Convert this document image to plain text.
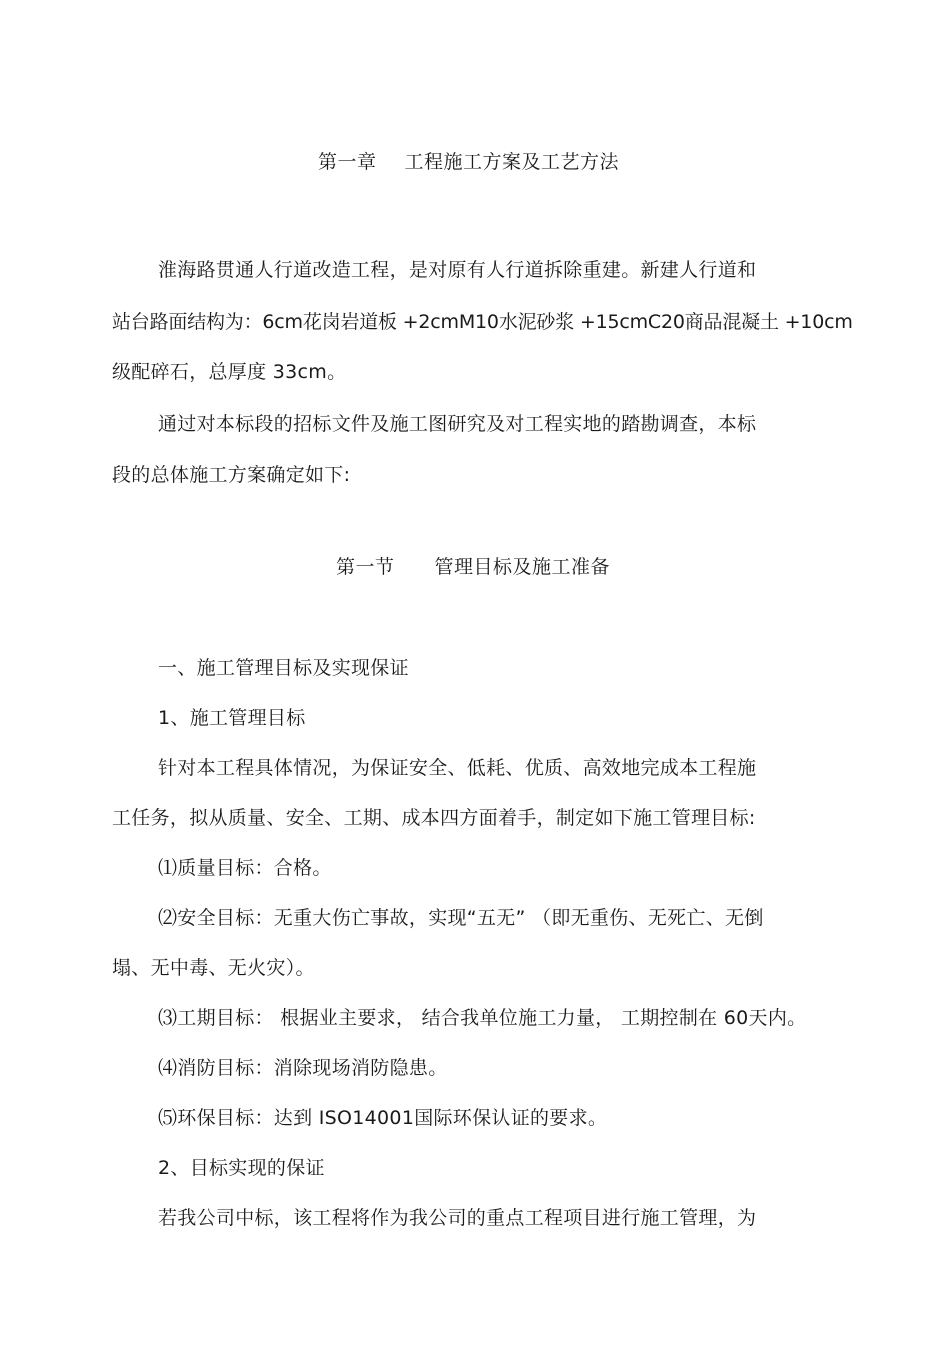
第一章 工程施工方案及工艺方法
淮海路贯通人行道改造工程，是对原有人行道拆除重建。新建人行道和
站台路面结构为：6cm花岗岩道板 +2cmM10水泥砂浆 +15cmC20商品混凝土 +10cm
级配碎石，总厚度 33cm。
通过对本标段的招标文件及施工图研究及对工程实地的踏勘调查，本标
段的总体施工方案确定如下:
第一节 管理目标及施工准备
一、施工管理目标及实现保证
1、施工管理目标
针对本工程具体情况，为保证安全、低耗、优质、高效地完成本工程施
工任务，拟从质量、安全、工期、成本四方面着手，制定如下施工管理目标:
⑴质量目标：合格。
⑵安全目标：无重大伤亡事故，实现“五无” （即无重伤、无死亡、无倒
塌、无中毒、无火灾）。
⑶工期目标： 根据业主要求， 结合我单位施工力量， 工期控制在 60天内。
⑷消防目标：消除现场消防隐患。
⑸环保目标：达到 ISO14001国际环保认证的要求。
2、目标实现的保证
若我公司中标，该工程将作为我公司的重点工程项目进行施工管理，为
